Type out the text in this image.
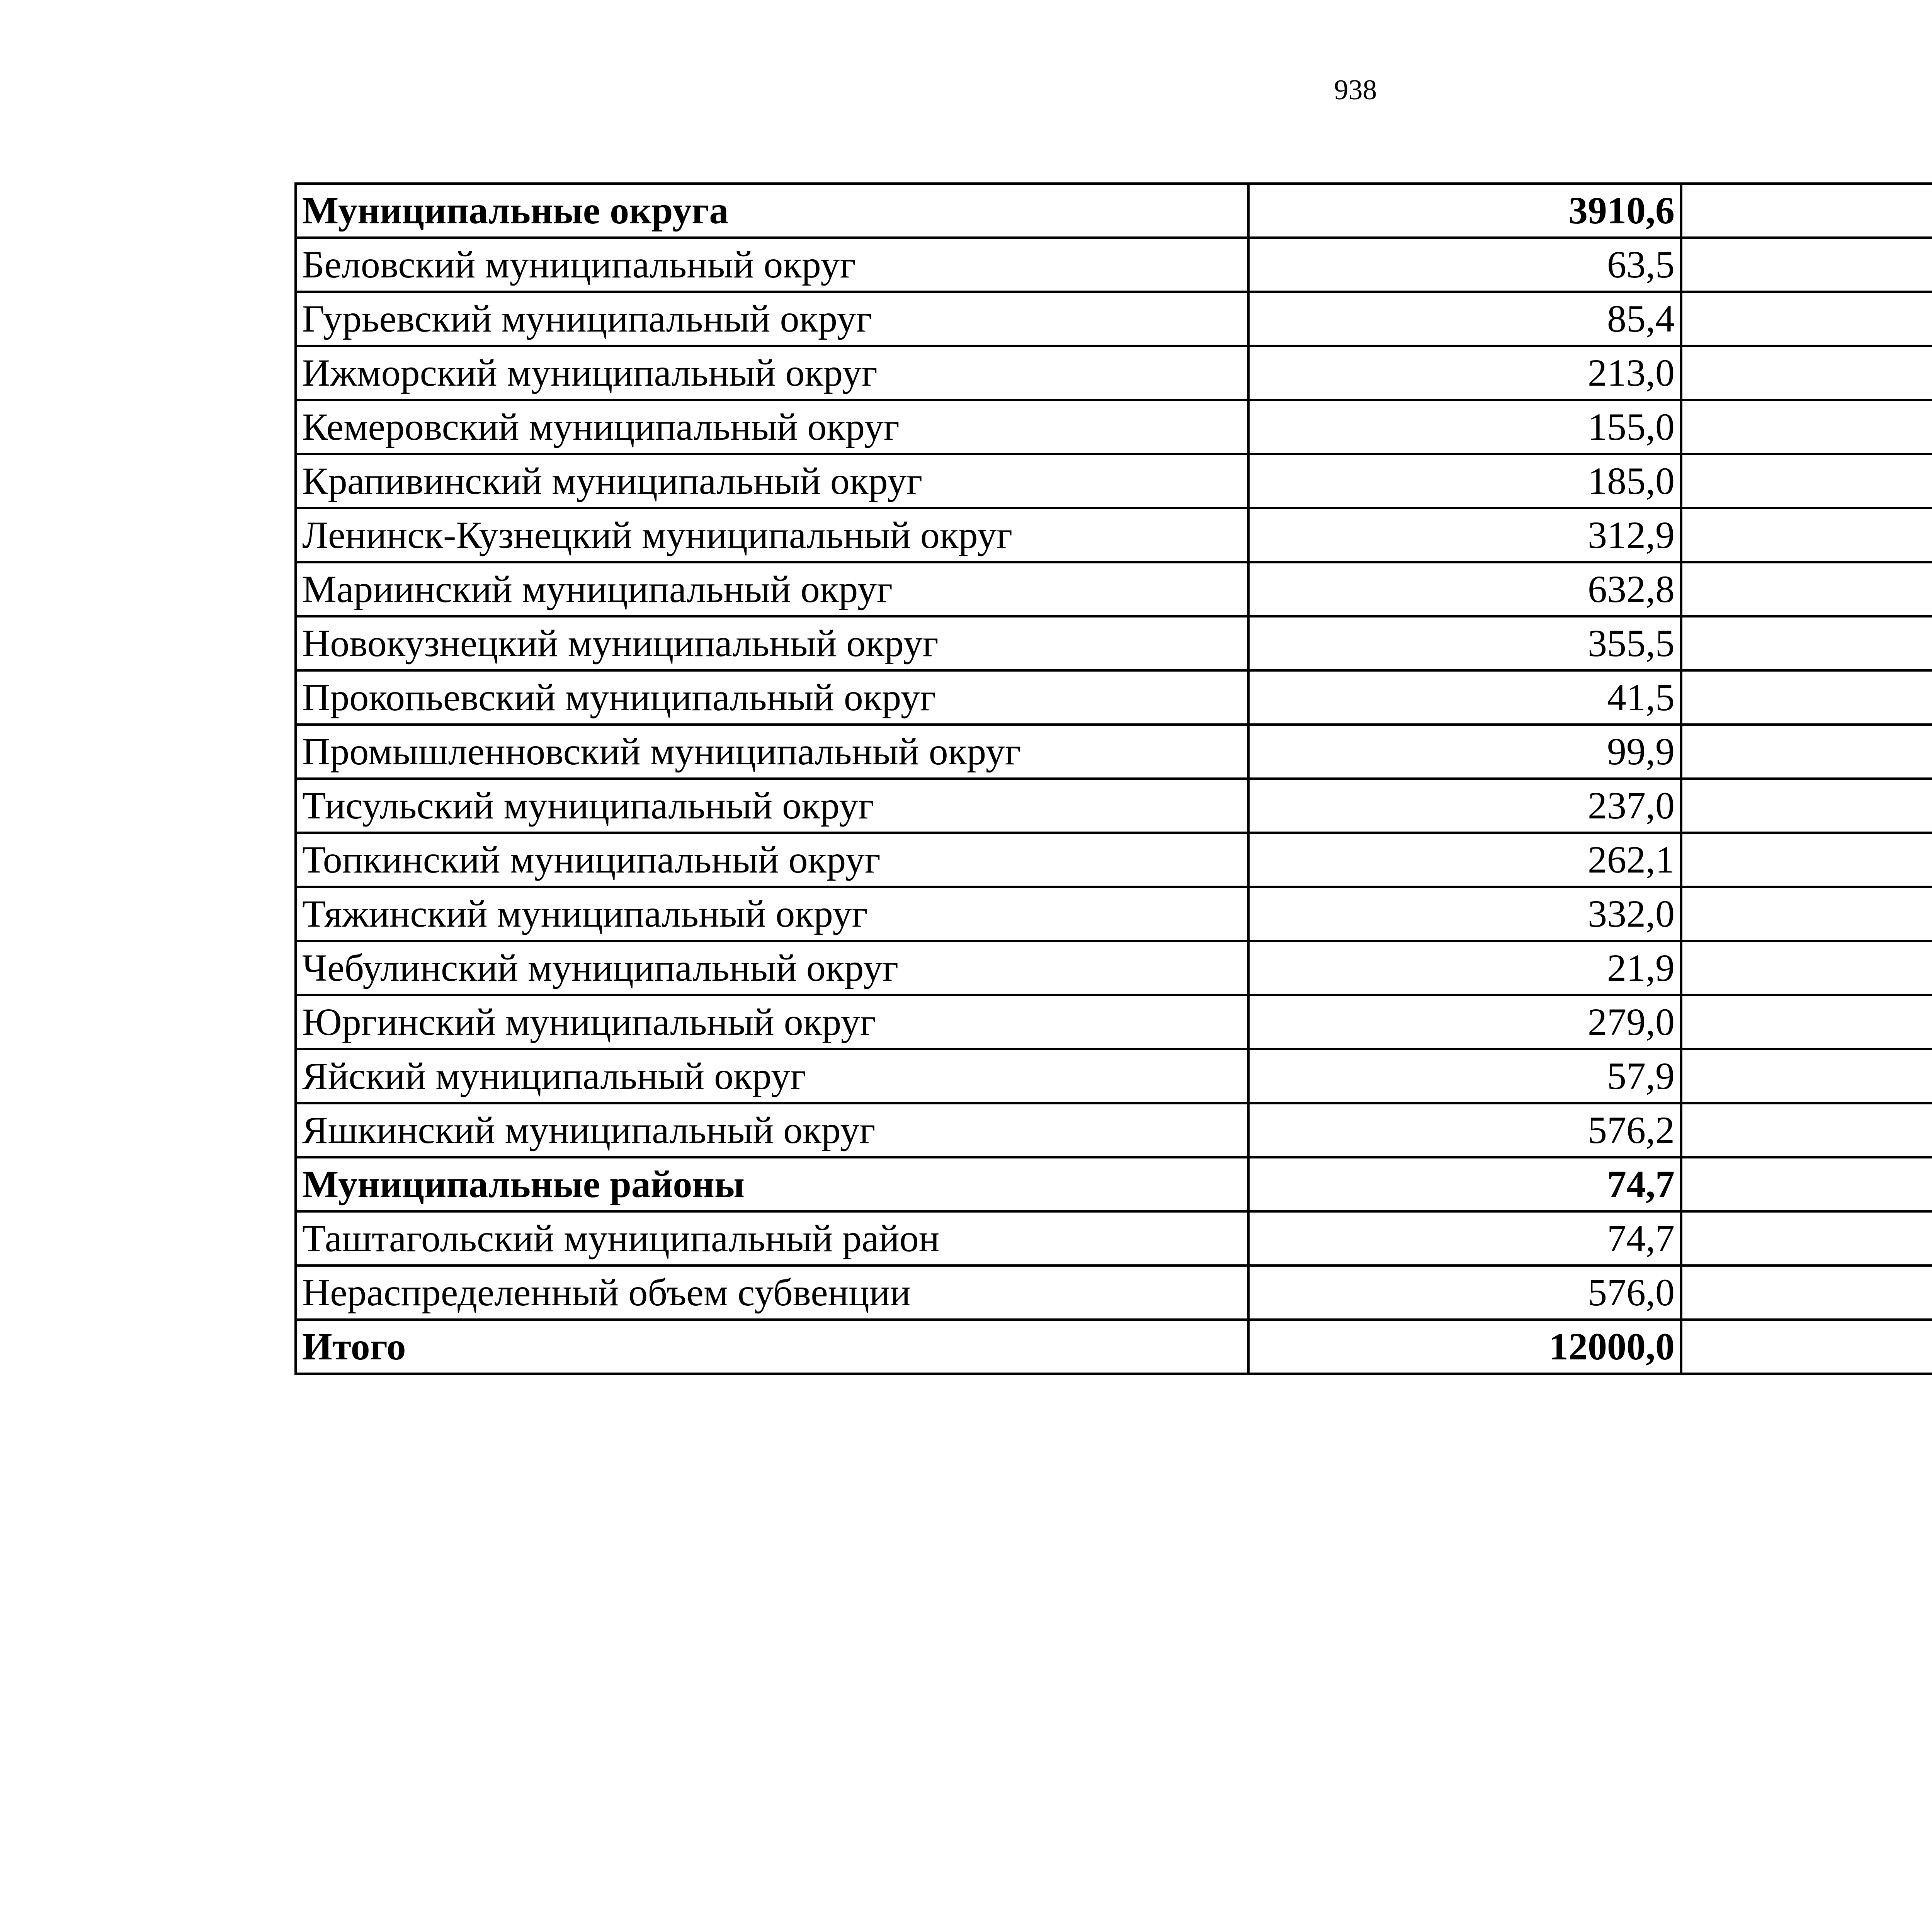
938
Муниципальные округа	3910,6		
Беловский муниципальный округ	63,5		
Гурьевский муниципальный округ	85,4		
Ижморский муниципальный округ	213,0		
Кемеровский муниципальный округ	155,0		
Крапивинский муниципальный округ	185,0		
Ленинск-Кузнецкий муниципальный округ	312,9		
Мариинский муниципальный округ	632,8		
Новокузнецкий муниципальный округ	355,5		
Прокопьевский муниципальный округ	41,5		
Промышленновский муниципальный округ	99,9		
Тисульский муниципальный округ	237,0		
Топкинский муниципальный округ	262,1		
Тяжинский муниципальный округ	332,0		
Чебулинский муниципальный округ	21,9		
Юргинский муниципальный округ	279,0		
Яйский муниципальный округ	57,9		
Яшкинский муниципальный округ	576,2		
Муниципальные районы	74,7		
Таштагольский муниципальный район	74,7		
Нераспределенный объем субвенции	576,0		
Итого	12000,0		
